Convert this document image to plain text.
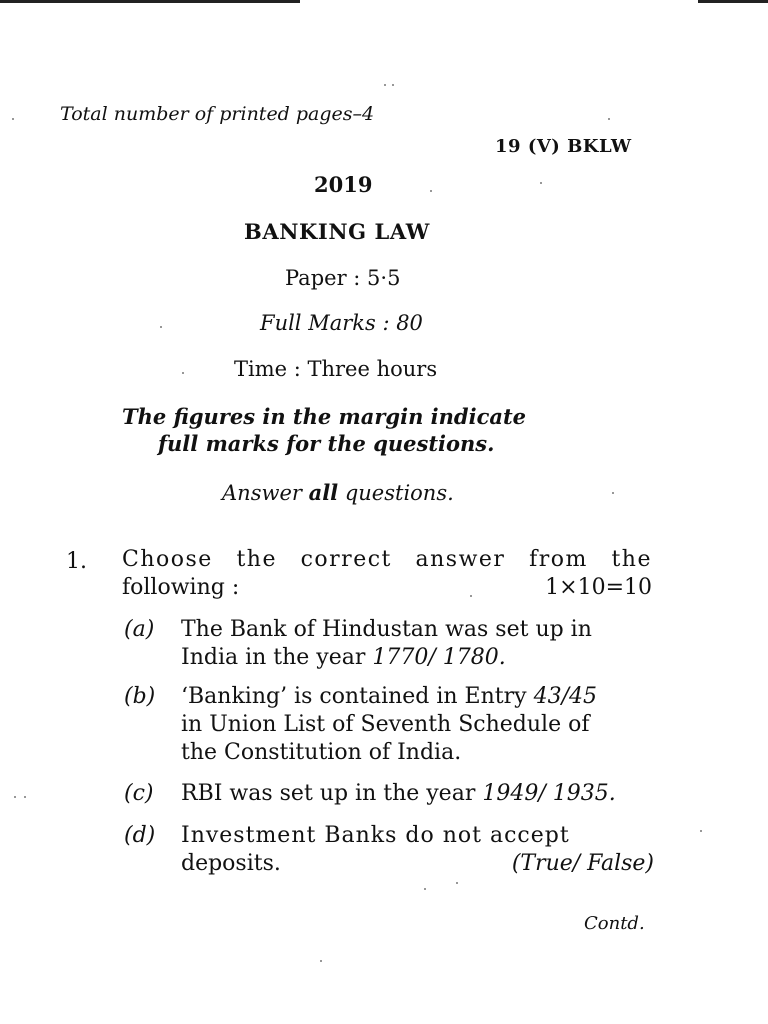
Total number of printed pages–4
19 (V) BKLW
2019
BANKING LAW
Paper : 5·5
Full Marks : 80
Time : Three hours
The figures in the margin indicate
full marks for the questions.
Answer all questions.
1. Choose the correct answer from the
following :	1×10=10
(a) The Bank of Hindustan was set up in
India in the year 1770/ 1780.
(b) ‘Banking’ is contained in Entry 43/45
in Union List of Seventh Schedule of
the Constitution of India.
(c) RBI was set up in the year 1949/ 1935.
(d) Investment Banks do not accept
deposits.	(True/ False)
Contd.
